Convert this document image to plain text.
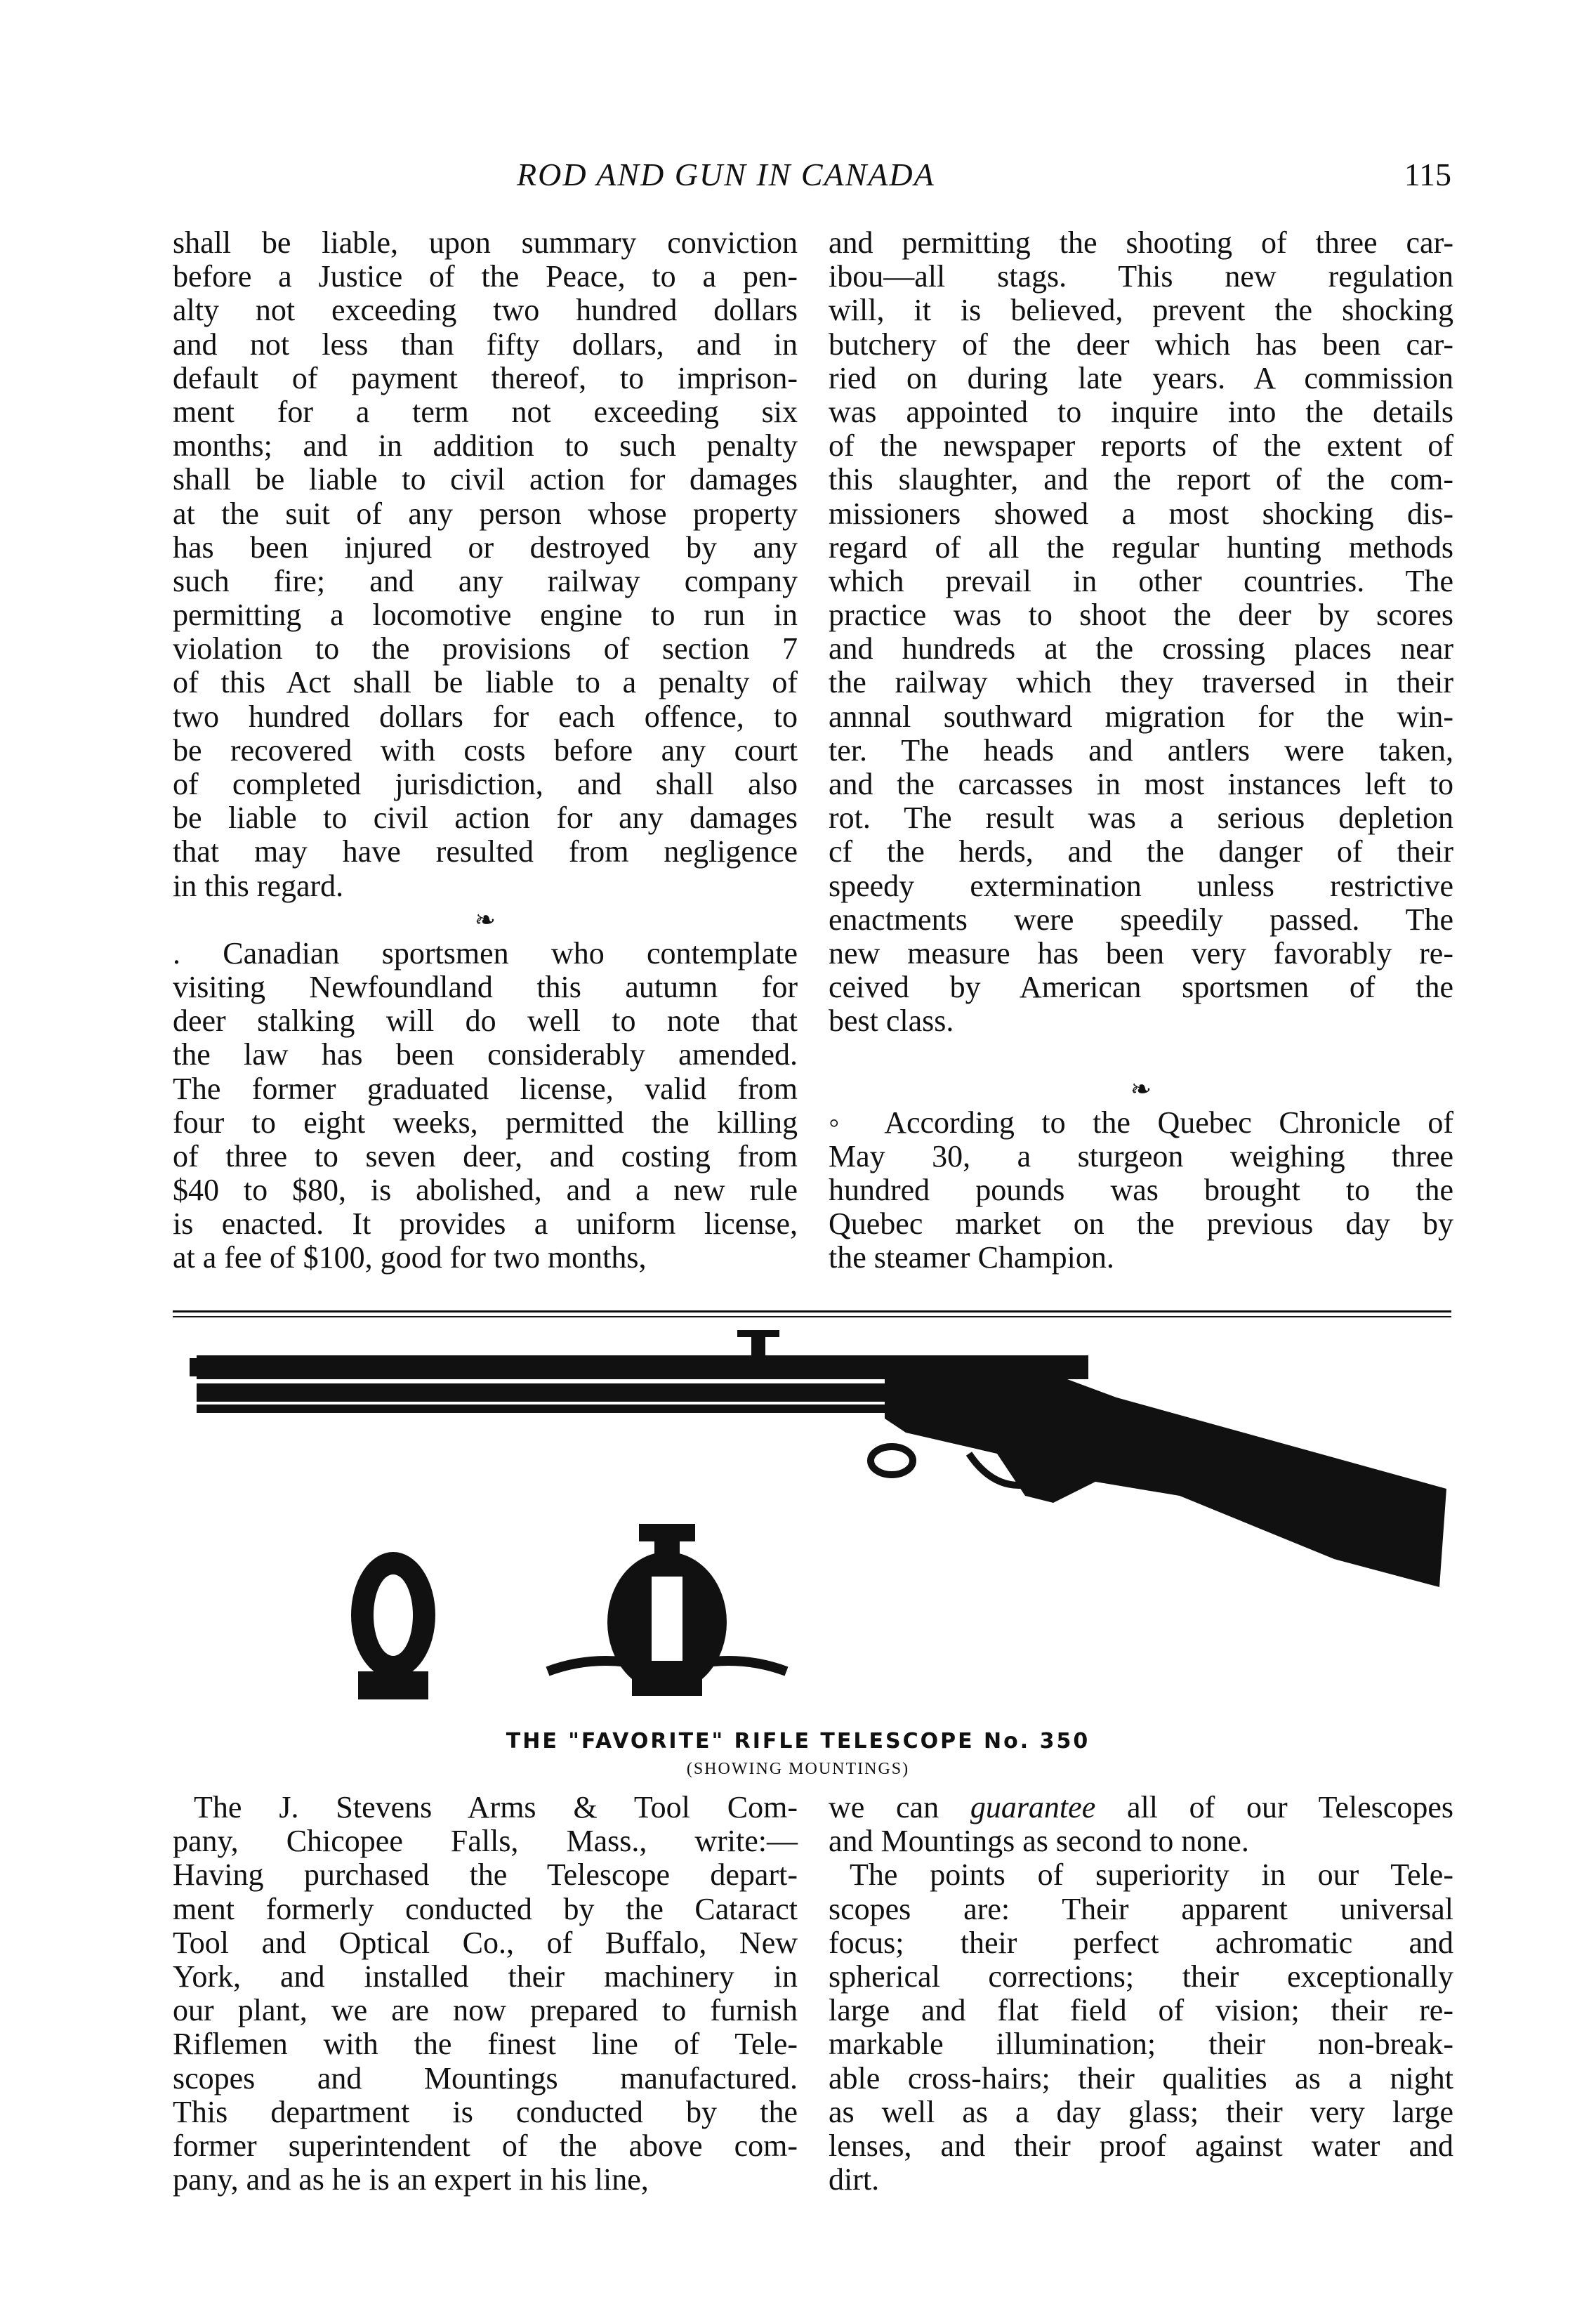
ROD AND GUN IN CANADA	115
shall be liable, upon summary conviction
before a Justice of the Peace, to a pen-
alty not exceeding two hundred dollars
and not less than fifty dollars, and in
default of payment thereof, to imprison-
ment for a term not exceeding six
months; and in addition to such penalty
shall be liable to civil action for damages
at the suit of any person whose property
has been injured or destroyed by any
such fire; and any railway company
permitting a locomotive engine to run in
violation to the provisions of section 7
of this Act shall be liable to a penalty of
two hundred dollars for each offence, to
be recovered with costs before any court
of completed jurisdiction, and shall also
be liable to civil action for any damages
that may have resulted from negligence
in this regard.
❧
. Canadian sportsmen who contemplate
visiting Newfoundland this autumn for
deer stalking will do well to note that
the law has been considerably amended.
The former graduated license, valid from
four to eight weeks, permitted the killing
of three to seven deer, and costing from
$40 to $80, is abolished, and a new rule
is enacted. It provides a uniform license,
at a fee of $100, good for two months,
and permitting the shooting of three car-
ibou—all stags. This new regulation
will, it is believed, prevent the shocking
butchery of the deer which has been car-
ried on during late years. A commission
was appointed to inquire into the details
of the newspaper reports of the extent of
this slaughter, and the report of the com-
missioners showed a most shocking dis-
regard of all the regular hunting methods
which prevail in other countries. The
practice was to shoot the deer by scores
and hundreds at the crossing places near
the railway which they traversed in their
annnal southward migration for the win-
ter. The heads and antlers were taken,
and the carcasses in most instances left to
rot. The result was a serious depletion
cf the herds, and the danger of their
speedy extermination unless restrictive
enactments were speedily passed. The
new measure has been very favorably re-
ceived by American sportsmen of the
best class.
❧
◦ According to the Quebec Chronicle of
May 30, a sturgeon weighing three
hundred pounds was brought to the
Quebec market on the previous day by
the steamer Champion.
THE "FAVORITE" RIFLE TELESCOPE No. 350
(SHOWING MOUNTINGS)
The J. Stevens Arms & Tool Com-
pany, Chicopee Falls, Mass., write:—
Having purchased the Telescope depart-
ment formerly conducted by the Cataract
Tool and Optical Co., of Buffalo, New
York, and installed their machinery in
our plant, we are now prepared to furnish
Riflemen with the finest line of Tele-
scopes and Mountings manufactured.
This department is conducted by the
former superintendent of the above com-
pany, and as he is an expert in his line,
we can guarantee all of our Telescopes
and Mountings as second to none.
The points of superiority in our Tele-
scopes are: Their apparent universal
focus; their perfect achromatic and
spherical corrections; their exceptionally
large and flat field of vision; their re-
markable illumination; their non-break-
able cross-hairs; their qualities as a night
as well as a day glass; their very large
lenses, and their proof against water and
dirt.
